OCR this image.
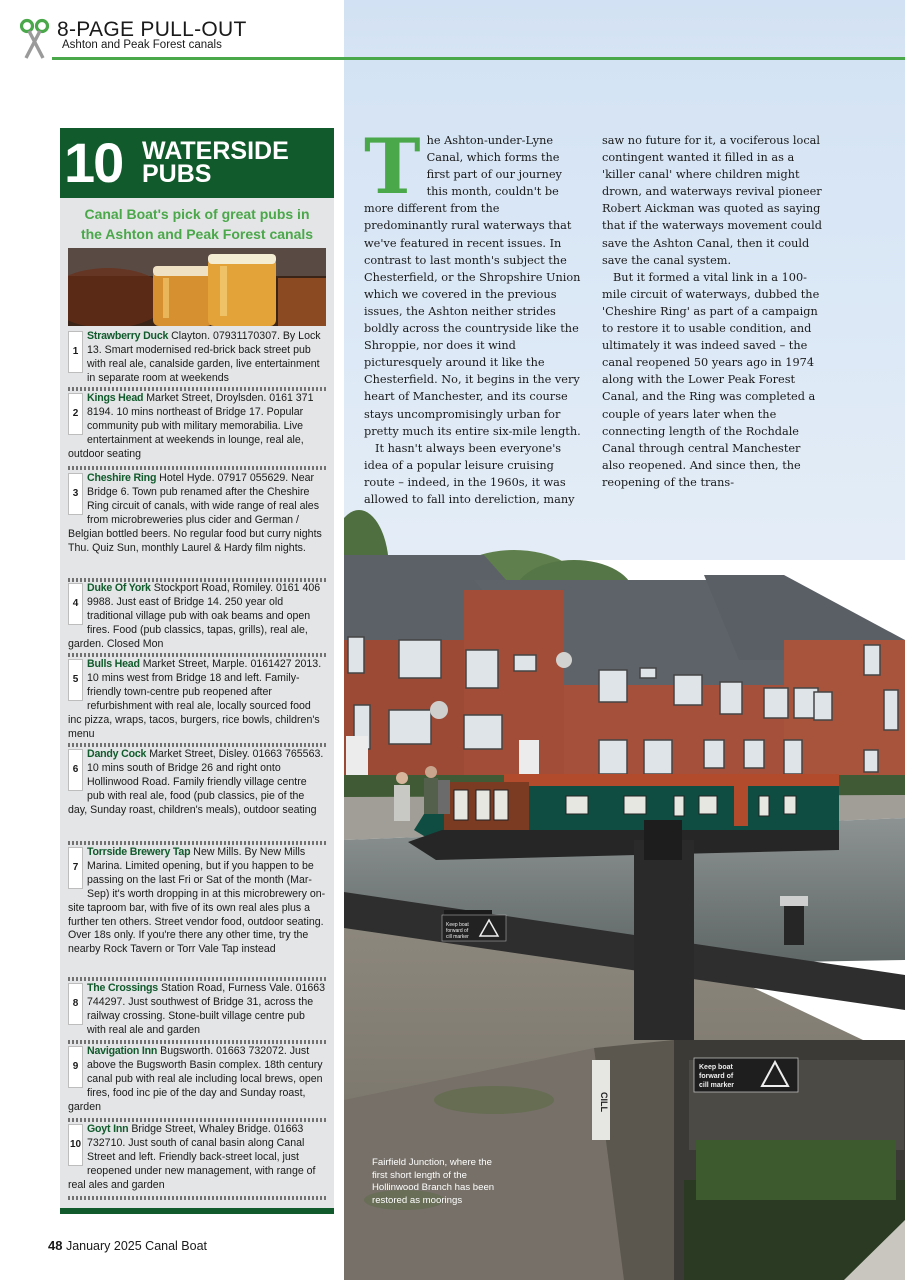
8-PAGE PULL-OUT
Ashton and Peak Forest canals
CILL
Keep boat
forward of
cill marker
Keep boat
forward of
cill marker
Fairfield Junction, where the first short length of the Hollinwood Branch has been restored as moorings
10 WATERSIDE
PUBS
Canal Boat's pick of great pubs in the Ashton and Peak Forest canals
1
Strawberry Duck Clayton. 07931170307. By Lock 13. Smart modernised red-brick back street pub with real ale, canalside garden, live entertainment in separate room at weekends
2
Kings Head Market Street, Droylsden. 0161 371 8194. 10 mins northeast of Bridge 17. Popular community pub with military memorabilia. Live entertainment at weekends in lounge, real ale, outdoor seating
3
Cheshire Ring Hotel Hyde. 07917 055629. Near Bridge 6. Town pub renamed after the Cheshire Ring circuit of canals, with wide range of real ales from microbreweries plus cider and German / Belgian bottled beers. No regular food but curry nights Thu. Quiz Sun, monthly Laurel & Hardy film nights.
4
Duke Of York Stockport Road, Romiley. 0161 406 9988. Just east of Bridge 14. 250 year old traditional village pub with oak beams and open fires. Food (pub classics, tapas, grills), real ale, garden. Closed Mon
5
Bulls Head Market Street, Marple. 0161427 2013. 10 mins west from Bridge 18 and left. Family-friendly town-centre pub reopened after refurbishment with real ale, locally sourced food inc pizza, wraps, tacos, burgers, rice bowls, children's menu
6
Dandy Cock Market Street, Disley. 01663 765563. 10 mins south of Bridge 26 and right onto Hollinwood Road. Family friendly village centre pub with real ale, food (pub classics, pie of the day, Sunday roast, children's meals), outdoor seating
7
Torrside Brewery Tap New Mills. By New Mills Marina. Limited opening, but if you happen to be passing on the last Fri or Sat of the month (Mar-Sep) it's worth dropping in at this microbrewery on-site taproom bar, with five of its own real ales plus a further ten others. Street vendor food, outdoor seating. Over 18s only. If you're there any other time, try the nearby Rock Tavern or Torr Vale Tap instead
8
The Crossings Station Road, Furness Vale. 01663 744297. Just southwest of Bridge 31, across the railway crossing. Stone-built village centre pub with real ale and garden
9
Navigation Inn Bugsworth. 01663 732072. Just above the Bugsworth Basin complex. 18th century canal pub with real ale including local brews, open fires, food inc pie of the day and Sunday roast, garden
10
Goyt Inn Bridge Street, Whaley Bridge. 01663 732710. Just south of canal basin along Canal Street and left. Friendly back-street local, just reopened under new management, with range of real ales and garden

The Ashton-under-Lyne Canal, which forms the first part of our journey this month, couldn't be more different from the predominantly rural waterways that we've featured in recent issues. In contrast to last month's subject the Chesterfield, or the Shropshire Union which we covered in the previous issues, the Ashton neither strides boldly across the countryside like the Shroppie, nor does it wind picturesquely around it like the Chesterfield. No, it begins in the very heart of Manchester, and its course stays uncompromisingly urban for pretty much its entire six-mile length.

It hasn't always been everyone's idea of a popular leisure cruising route – indeed, in the 1960s, it was allowed to fall into dereliction, many

saw no future for it, a vociferous local contingent wanted it filled in as a 'killer canal' where children might drown, and waterways revival pioneer Robert Aickman was quoted as saying that if the waterways movement could save the Ashton Canal, then it could save the canal system.

But it formed a vital link in a 100-mile circuit of waterways, dubbed the 'Cheshire Ring' as part of a campaign to restore it to usable condition, and ultimately it was indeed saved – the canal reopened 50 years ago in 1974 along with the Lower Peak Forest Canal, and the Ring was completed a couple of years later when the connecting length of the Rochdale Canal through central Manchester also reopened. And since then, the reopening of the trans-

48 January 2025 Canal Boat
